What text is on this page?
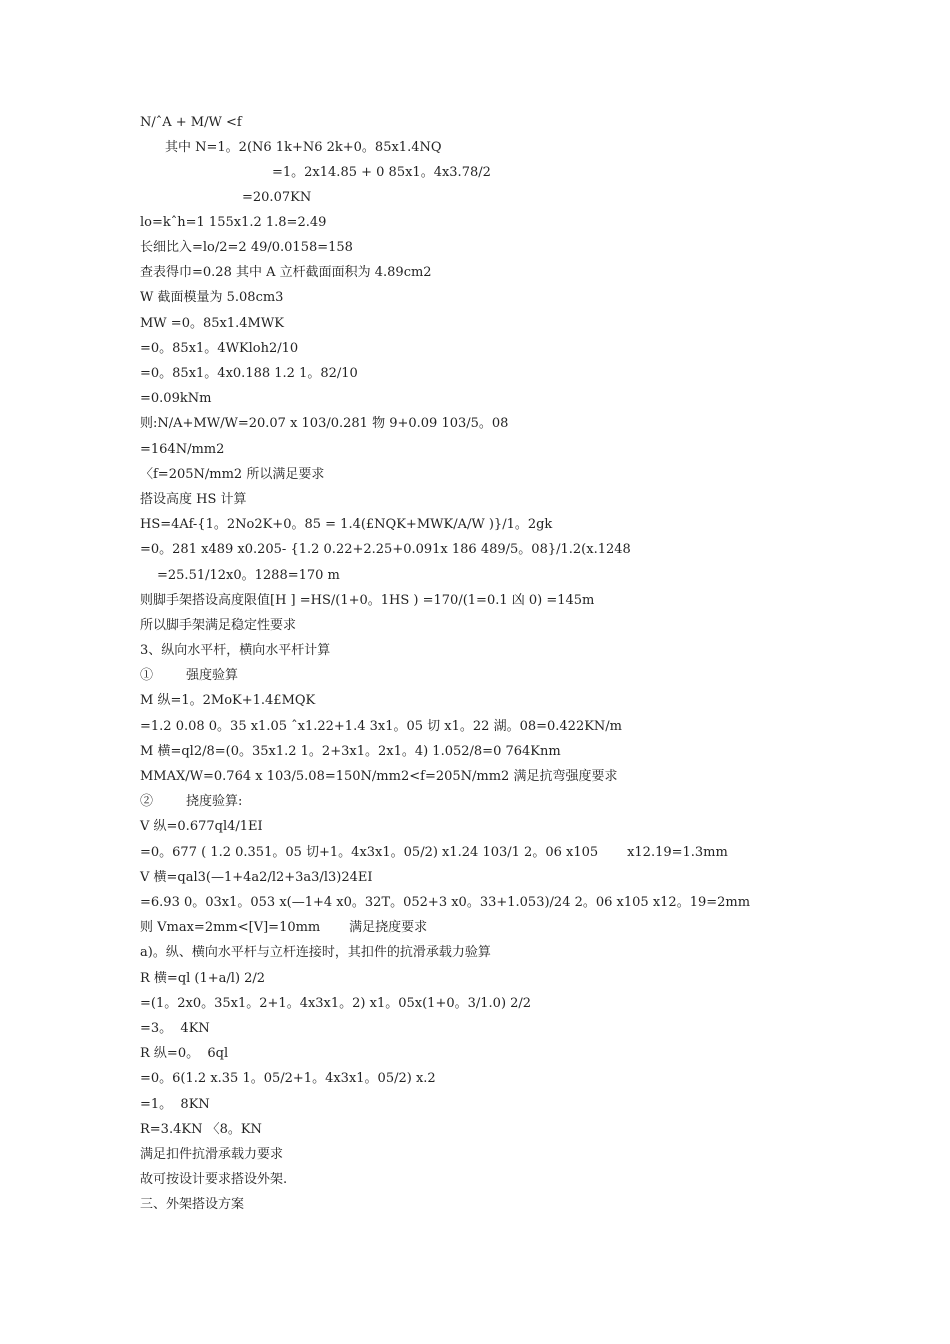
N/ˆA + M/W <f
其中 N=1。2(N6 1k+N6 2k+0。85x1.4NQ
=1。2x14.85 + 0 85x1。4x3.78/2
=20.07KN
lo=kˆh=1 155x1.2 1.8=2.49
长细比入=lo/2=2 49/0.0158=158
查表得巾=0.28 其中 A 立杆截面面积为 4.89cm2
W 截面模量为 5.08cm3
MW =0。85x1.4MWK
=0。85x1。4WKloh2/10
=0。85x1。4x0.188 1.2 1。82/10
=0.09kNm
则:N/A+MW/W=20.07 x 103/0.281 物 9+0.09 103/5。08
=164N/mm2
〈f=205N/mm2 所以满足要求
搭设高度 HS 计算
HS=4Af-{1。2No2K+0。85 = 1.4(£NQK+MWK/A/W )}/1。2gk
=0。281 x489 x0.205- {1.2 0.22+2.25+0.091x 186 489/5。08}/1.2(x.1248
=25.51/12x0。1288=170 m
则脚手架搭设高度限值[H ] =HS/(1+0。1HS ) =170/(1=0.1 凶 0) =145m
所以脚手架满足稳定性要求
3、纵向水平杆，横向水平杆计算
①        强度验算
M 纵=1。2MoK+1.4£MQK
=1.2 0.08 0。35 x1.05 ˆx1.22+1.4 3x1。05 切 x1。22 湖。08=0.422KN/m
M 横=ql2/8=(0。35x1.2 1。2+3x1。2x1。4) 1.052/8=0 764Knm
MMAX/W=0.764 x 103/5.08=150N/mm2<f=205N/mm2 满足抗弯强度要求
②        挠度验算:
V 纵=0.677ql4/1EI
=0。677 ( 1.2 0.351。05 切+1。4x3x1。05/2) x1.24 103/1 2。06 x105       x12.19=1.3mm
V 横=qal3(—1+4a2/l2+3a3/l3)24EI
=6.93 0。03x1。053 x(—1+4 x0。32T。052+3 x0。33+1.053)/24 2。06 x105 x12。19=2mm
则 Vmax=2mm<[V]=10mm       满足挠度要求
a)。纵、横向水平杆与立杆连接时，其扣件的抗滑承载力验算
R 横=ql (1+a/l) 2/2
=(1。2x0。35x1。2+1。4x3x1。2) x1。05x(1+0。3/1.0) 2/2
=3。  4KN
R 纵=0。  6ql
=0。6(1.2 x.35 1。05/2+1。4x3x1。05/2) x.2
=1。  8KN
R=3.4KN 〈8。KN
满足扣件抗滑承载力要求
故可按设计要求搭设外架.
三、外架搭设方案
